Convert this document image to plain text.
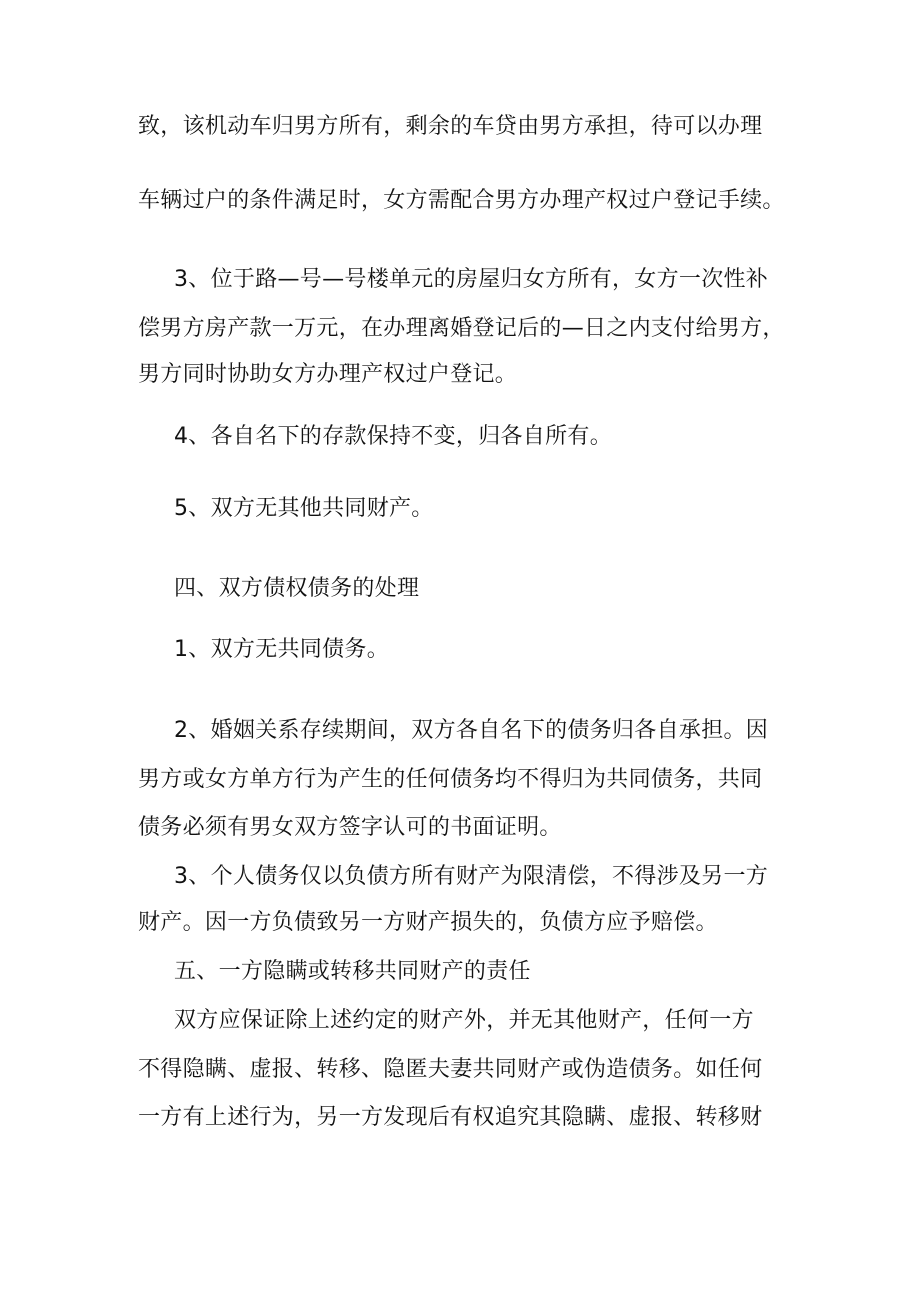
致，该机动车归男方所有，剩余的车贷由男方承担，待可以办理
车辆过户的条件满足时，女方需配合男方办理产权过户登记手续。
3、位于路—号—号楼单元的房屋归女方所有，女方一次性补
偿男方房产款一万元，在办理离婚登记后的—日之内支付给男方，
男方同时协助女方办理产权过户登记。
4、各自名下的存款保持不变，归各自所有。
5、双方无其他共同财产。
四、双方债权债务的处理
1、双方无共同债务。
2、婚姻关系存续期间，双方各自名下的债务归各自承担。因
男方或女方单方行为产生的任何债务均不得归为共同债务，共同
债务必须有男女双方签字认可的书面证明。
3、个人债务仅以负债方所有财产为限清偿，不得涉及另一方
财产。因一方负债致另一方财产损失的，负债方应予赔偿。
五、一方隐瞒或转移共同财产的责任
双方应保证除上述约定的财产外，并无其他财产，任何一方
不得隐瞒、虚报、转移、隐匿夫妻共同财产或伪造债务。如任何
一方有上述行为，另一方发现后有权追究其隐瞒、虚报、转移财
